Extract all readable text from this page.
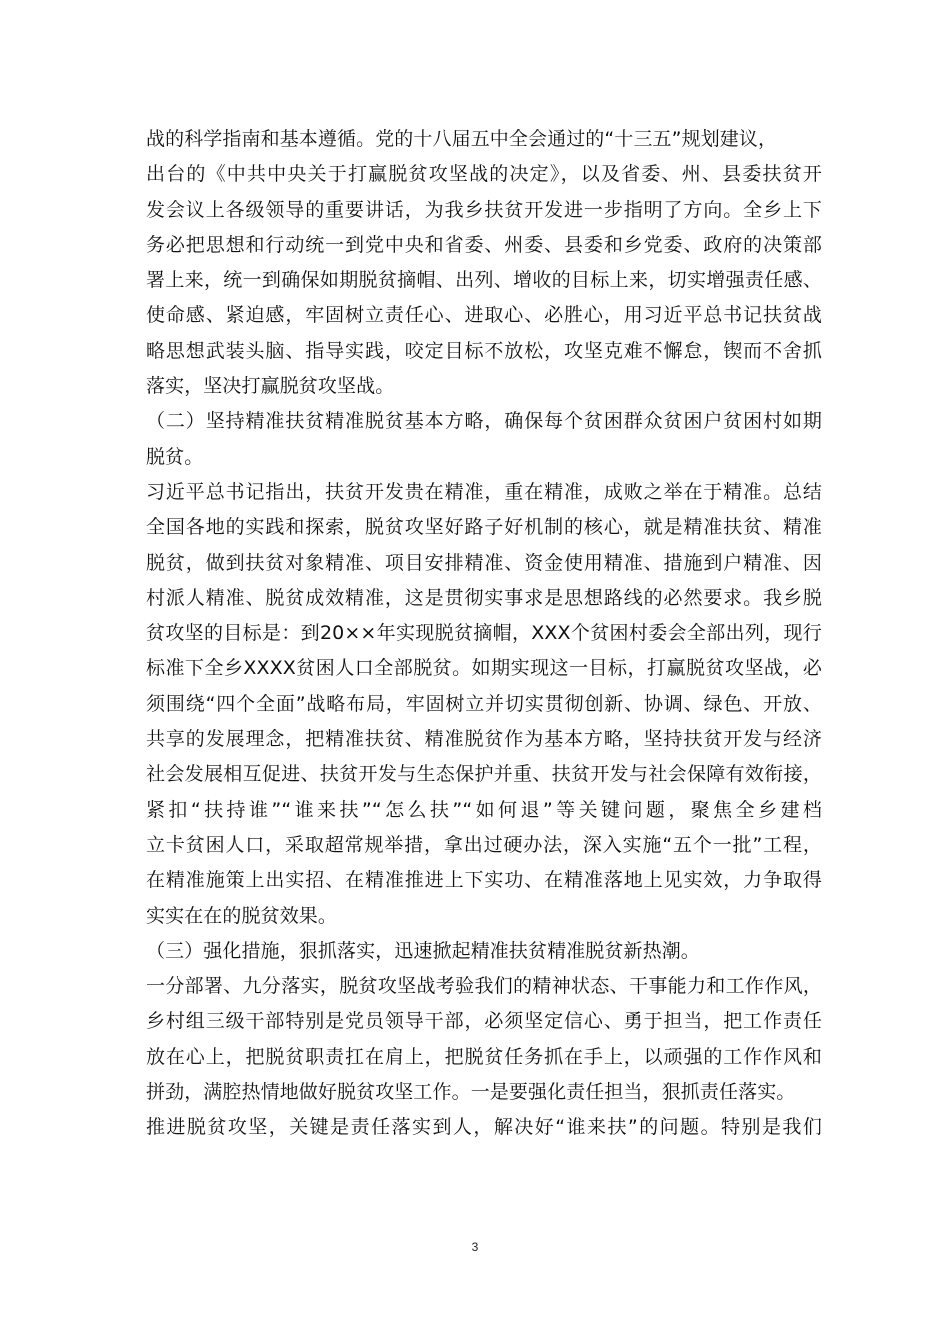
战的科学指南和基本遵循。党的十八届五中全会通过的“十三五”规划建议，
出台的《中共中央关于打赢脱贫攻坚战的决定》，以及省委、州、县委扶贫开
发会议上各级领导的重要讲话，为我乡扶贫开发进一步指明了方向。全乡上下
务必把思想和行动统一到党中央和省委、州委、县委和乡党委、政府的决策部
署上来，统一到确保如期脱贫摘帽、出列、增收的目标上来，切实增强责任感、
使命感、紧迫感，牢固树立责任心、进取心、必胜心，用习近平总书记扶贫战
略思想武装头脑、指导实践，咬定目标不放松，攻坚克难不懈怠，锲而不舍抓
落实，坚决打赢脱贫攻坚战。
（二）坚持精准扶贫精准脱贫基本方略，确保每个贫困群众贫困户贫困村如期
脱贫。
习近平总书记指出，扶贫开发贵在精准，重在精准，成败之举在于精准。总结
全国各地的实践和探索，脱贫攻坚好路子好机制的核心，就是精准扶贫、精准
脱贫，做到扶贫对象精准、项目安排精准、资金使用精准、措施到户精准、因
村派人精准、脱贫成效精准，这是贯彻实事求是思想路线的必然要求。我乡脱
贫攻坚的目标是：到20××年实现脱贫摘帽，XXX个贫困村委会全部出列，现行
标准下全乡XXXX贫困人口全部脱贫。如期实现这一目标，打赢脱贫攻坚战，必
须围绕“四个全面”战略布局，牢固树立并切实贯彻创新、协调、绿色、开放、
共享的发展理念，把精准扶贫、精准脱贫作为基本方略，坚持扶贫开发与经济
社会发展相互促进、扶贫开发与生态保护并重、扶贫开发与社会保障有效衔接，
紧扣“扶持谁”“谁来扶”“怎么扶”“如何退”等关键问题，聚焦全乡建档
立卡贫困人口，采取超常规举措，拿出过硬办法，深入实施“五个一批”工程，
在精准施策上出实招、在精准推进上下实功、在精准落地上见实效，力争取得
实实在在的脱贫效果。
（三）强化措施，狠抓落实，迅速掀起精准扶贫精准脱贫新热潮。
一分部署、九分落实，脱贫攻坚战考验我们的精神状态、干事能力和工作作风，
乡村组三级干部特别是党员领导干部，必须坚定信心、勇于担当，把工作责任
放在心上，把脱贫职责扛在肩上，把脱贫任务抓在手上，以顽强的工作作风和
拼劲，满腔热情地做好脱贫攻坚工作。一是要强化责任担当，狠抓责任落实。
推进脱贫攻坚，关键是责任落实到人，解决好“谁来扶”的问题。特别是我们
3
